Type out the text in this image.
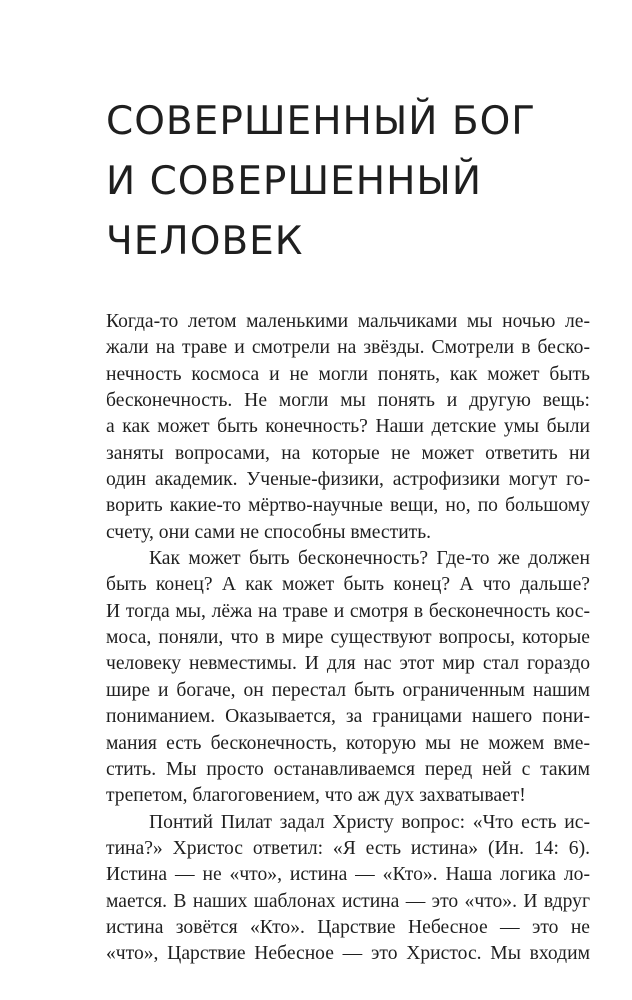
СОВЕРШЕННЫЙ БОГ
И СОВЕРШЕННЫЙ
ЧЕЛОВЕК

Когда-то летом маленькими мальчиками мы ночью ле-
жали на траве и смотрели на звёзды. Смотрели в беско-
нечность космоса и не могли понять, как может быть
бесконечность. Не могли мы понять и другую вещь:
а как может быть конечность? Наши детские умы были
заняты вопросами, на которые не может ответить ни
один академик. Ученые-физики, астрофизики могут го-
ворить какие-то мёртво-научные вещи, но, по большому
счету, они сами не способны вместить.

Как может быть бесконечность? Где-то же должен
быть конец? А как может быть конец? А что дальше?
И тогда мы, лёжа на траве и смотря в бесконечность кос-
моса, поняли, что в мире существуют вопросы, которые
человеку невместимы. И для нас этот мир стал гораздо
шире и богаче, он перестал быть ограниченным нашим
пониманием. Оказывается, за границами нашего пони-
мания есть бесконечность, которую мы не можем вме-
стить. Мы просто останавливаемся перед ней с таким
трепетом, благоговением, что аж дух захватывает!

Понтий Пилат задал Христу вопрос: «Что есть ис-
тина?» Христос ответил: «Я есть истина» (Ин. 14: 6).
Истина — не «что», истина — «Кто». Наша логика ло-
мается. В наших шаблонах истина — это «что». И вдруг
истина зовётся «Кто». Царствие Небесное — это не
«что», Царствие Небесное — это Христос. Мы входим
